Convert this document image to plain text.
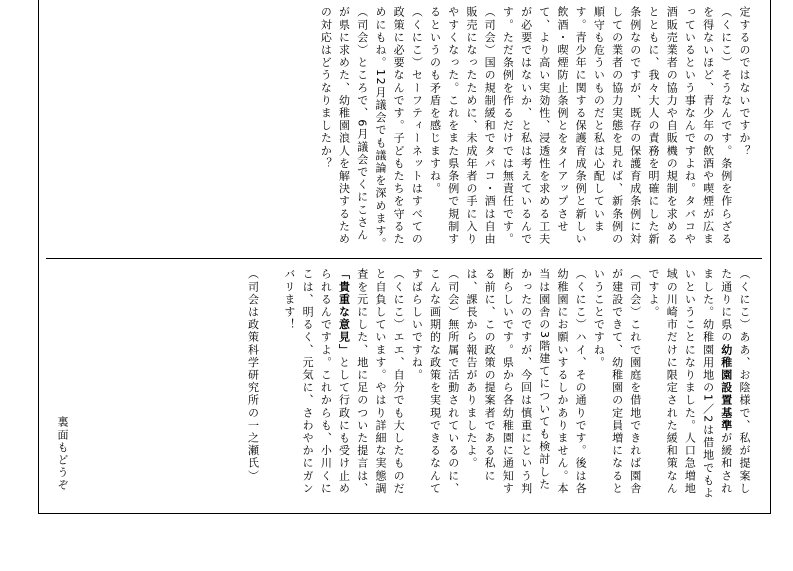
定するのではないですか？
（くにこ）そうなんです。条例を作らざるを得ないほど、青少年の飲酒や喫煙が広まっているという事なんですよね。タバコや酒販売業者の協力や自販機の規制を求めるとともに、我々大人の責務を明確にした新条例なのですが、既存の保護育成条例に対しての業者の協力実態を見れば、新条例の順守も危ういものだと私は心配しています。青少年に関する保護育成条例と新しい飲酒・喫煙防止条例とをタイアップさせて、より高い実効性、浸透性を求める工夫が必要ではないか、と私は考えているんです。ただ条例を作るだけでは無責任です。
（司会）国の規制緩和でタバコ・酒は自由販売になったために、未成年者の手に入りやすくなった。これをまた県条例で規制するというのも矛盾を感じますね。
（くにこ）セーフティーネットはすべての政策に必要なんです。子どもたちを守るためにもね。12月議会でも議論を深めます。
（司会）ところで、6月議会でくにこさんが県に求めた、幼稚園浪人を解決するための対応はどうなりましたか？
（くにこ）ああ、お陰様で、私が提案した通りに県の幼稚園設置基準が緩和されました。幼稚園用地の1／2は借地でもよいということになりました。人口急増地域の川崎市だけに限定された緩和策なんですよ。
（司会）これで園庭を借地できれば園舎が建設できて、幼稚園の定員増になるということですね。
（くにこ）ハイ、その通りです。後は各幼稚園にお願いするしかありません。本当は園舎の3階建てについても検討したかったのですが、今回は慎重にという判断らしいです。県から各幼稚園に通知する前に、この政策の提案者である私には、課長から報告がありましたよ。
（司会）無所属で活動されているのに、こんな画期的な政策を実現できるなんてすばらしいですね。
（くにこ）エエ、自分でも大したものだと自負しています。やはり詳細な実態調査を元にした、地に足のついた提言は、「貴重な意見」として行政にも受け止められるんですよ。これからも、小川くにこは、明るく、元気に、さわやかにガンバリます！

（司会は政策科学研究所の一之瀬氏）
裏面もどうぞ
